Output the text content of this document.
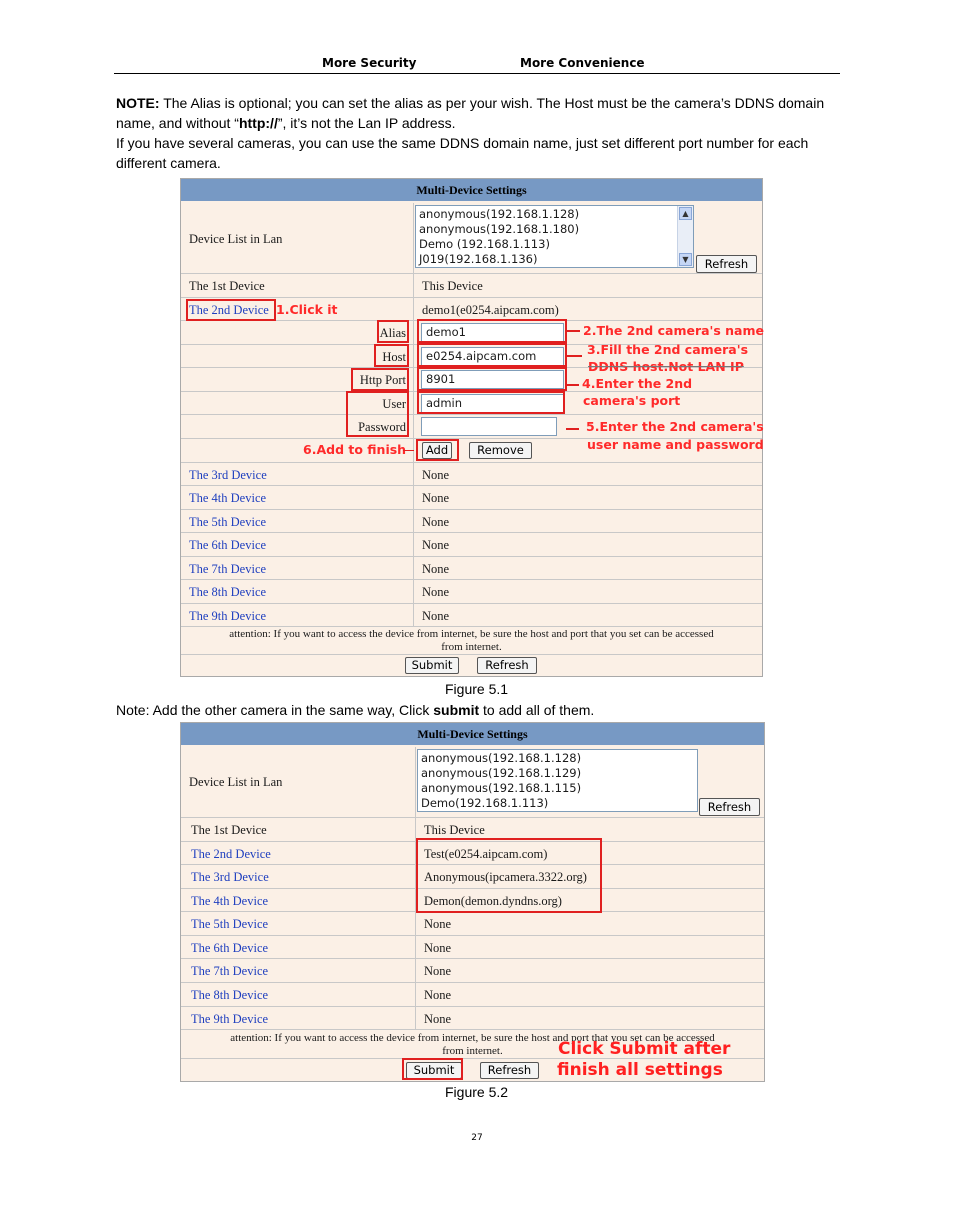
More Security	More Convenience
NOTE: The Alias is optional; you can set the alias as per your wish. The Host must be the camera’s DDNS domain name, and without “http://”, it’s not the Lan IP address.
If you have several cameras, you can use the same DDNS domain name, just set different port number for each different camera.
Multi-Device Settings
Device List in Lan
anonymous(192.168.1.128)
anonymous(192.168.1.180)
Demo (192.168.1.113)
J019(192.168.1.136)
▲
▼	Refresh
The 1st Device	This Device
The 2nd Device	demo1(e0254.aipcam.com)
Alias	demo1
Host	e0254.aipcam.com
Http Port	8901
User	admin
Password
Add	Remove
The 3rd Device	None
The 4th Device	None
The 5th Device	None
The 6th Device	None
The 7th Device	None
The 8th Device	None
The 9th Device	None
attention: If you want to access the device from internet, be sure the host and port that you set can be accessed
from internet.
Submit	Refresh
1.Click it
2.The 2nd camera's name
3.Fill the 2nd camera's
DDNS host.Not LAN IP
4.Enter the 2nd
camera's port
5.Enter the 2nd camera's
user name and password
6.Add to finish
Figure 5.1
Note: Add the other camera in the same way, Click submit to add all of them.
Multi-Device Settings
Device List in Lan
anonymous(192.168.1.128)
anonymous(192.168.1.129)
anonymous(192.168.1.115)
Demo(192.168.1.113)	Refresh
The 1st Device	This Device
The 2nd Device	Test(e0254.aipcam.com)
The 3rd Device	Anonymous(ipcamera.3322.org)
The 4th Device	Demon(demon.dyndns.org)
The 5th Device	None
The 6th Device	None
The 7th Device	None
The 8th Device	None
The 9th Device	None
attention: If you want to access the device from internet, be sure the host and port that you set can be accessed
from internet.
Submit	Refresh
Click Submit after
finish all settings
Figure 5.2
27
